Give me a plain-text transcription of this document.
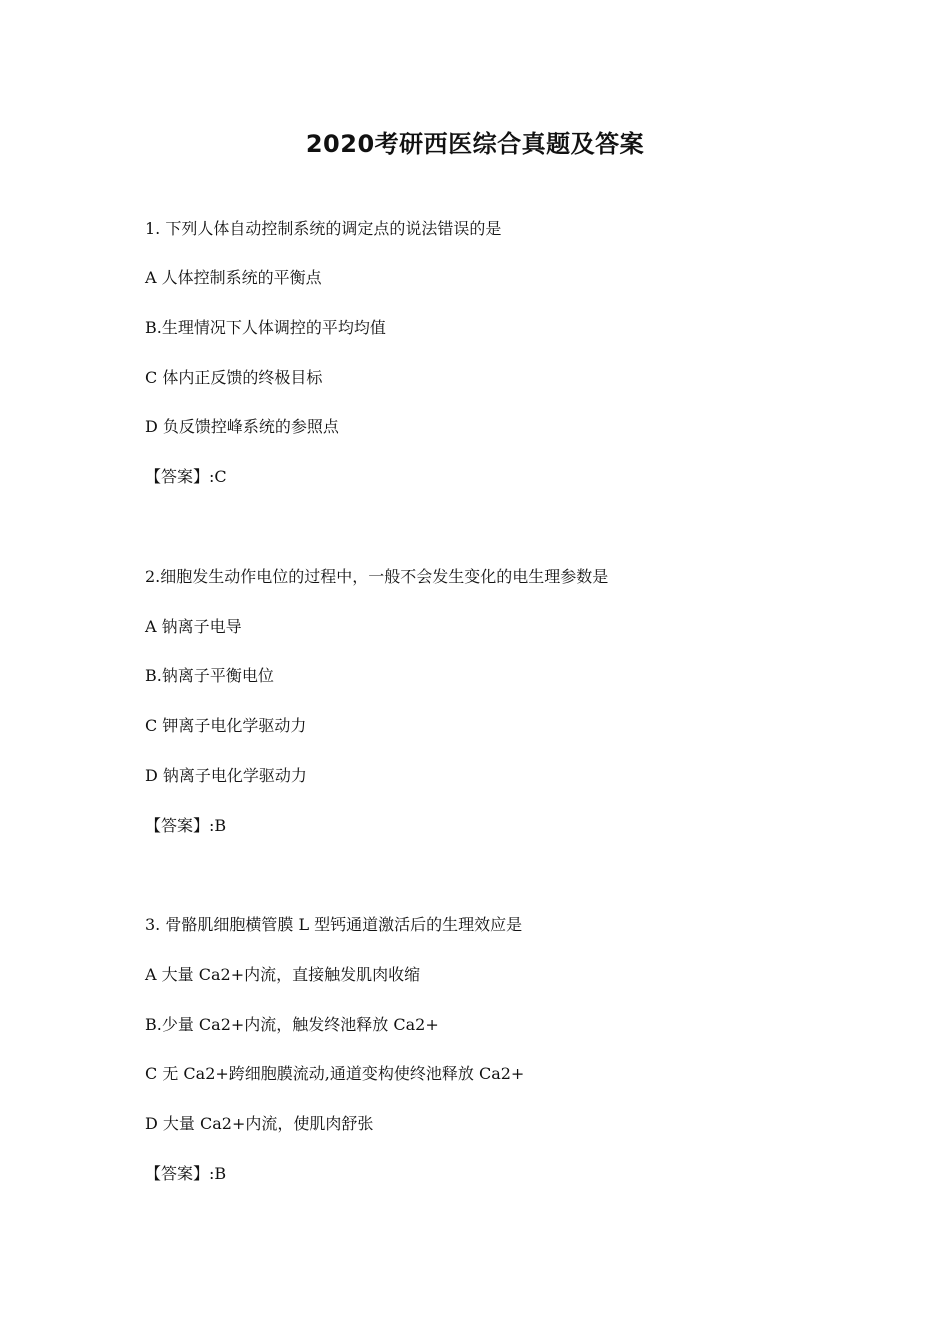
2020考研西医综合真题及答案
1. 下列人体自动控制系统的调定点的说法错误的是
A 人体控制系统的平衡点
B.生理情况下人体调控的平均均值
C 体内正反馈的终极目标
D 负反馈控峰系统的参照点
【答案】:C
2.细胞发生动作电位的过程中，一般不会发生变化的电生理参数是
A 钠离子电导
B.钠离子平衡电位
C 钾离子电化学驱动力
D 钠离子电化学驱动力
【答案】:B
3. 骨骼肌细胞横管膜 L 型钙通道激活后的生理效应是
A 大量 Ca2+内流，直接触发肌肉收缩
B.少量 Ca2+内流，触发终池释放 Ca2+
C 无 Ca2+跨细胞膜流动,通道变构使终池释放 Ca2+
D 大量 Ca2+内流，使肌肉舒张
【答案】:B
